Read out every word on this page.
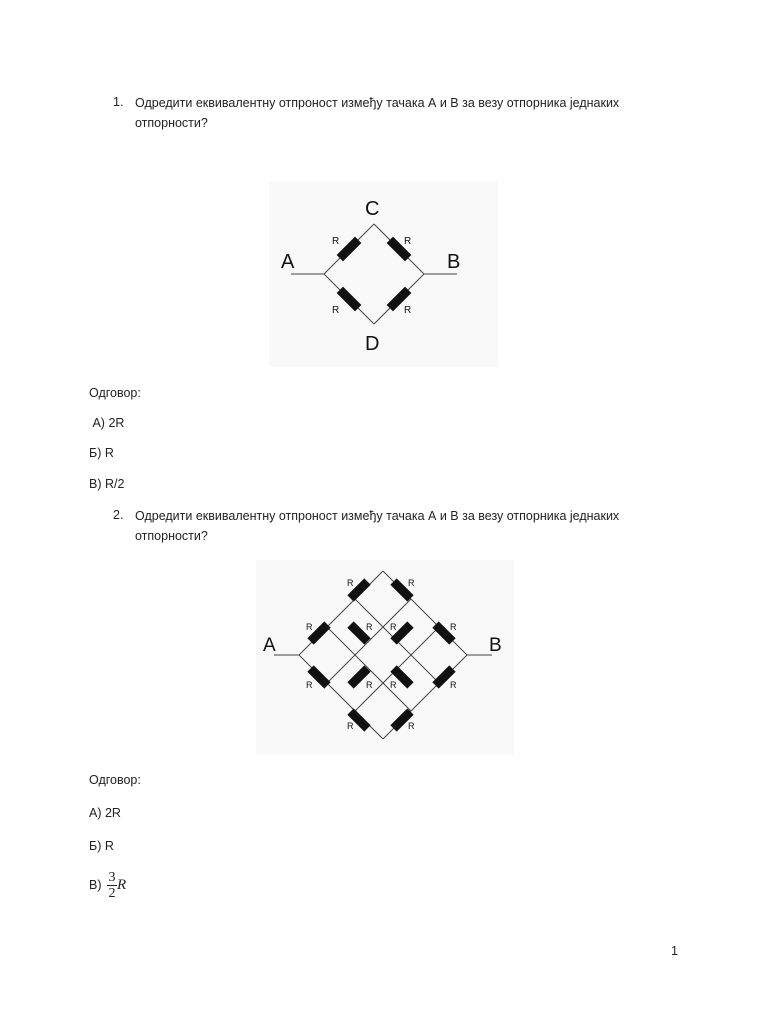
1. Одредити еквивалентну отпроност између тачака А и В за везу отпорника једнаких отпорности?
R	R
R	R
A	B
C
D
Одговор:
А) 2R
Б) R
В) R/2
2. Одредити еквивалентну отпроност између тачака А и В за везу отпорника једнаких отпорности?
R	R
R	R R	R
R	R R	R
R	R
A	B
Одговор:
А) 2R
Б) R
$В) \frac{3}{2}$ R
1
